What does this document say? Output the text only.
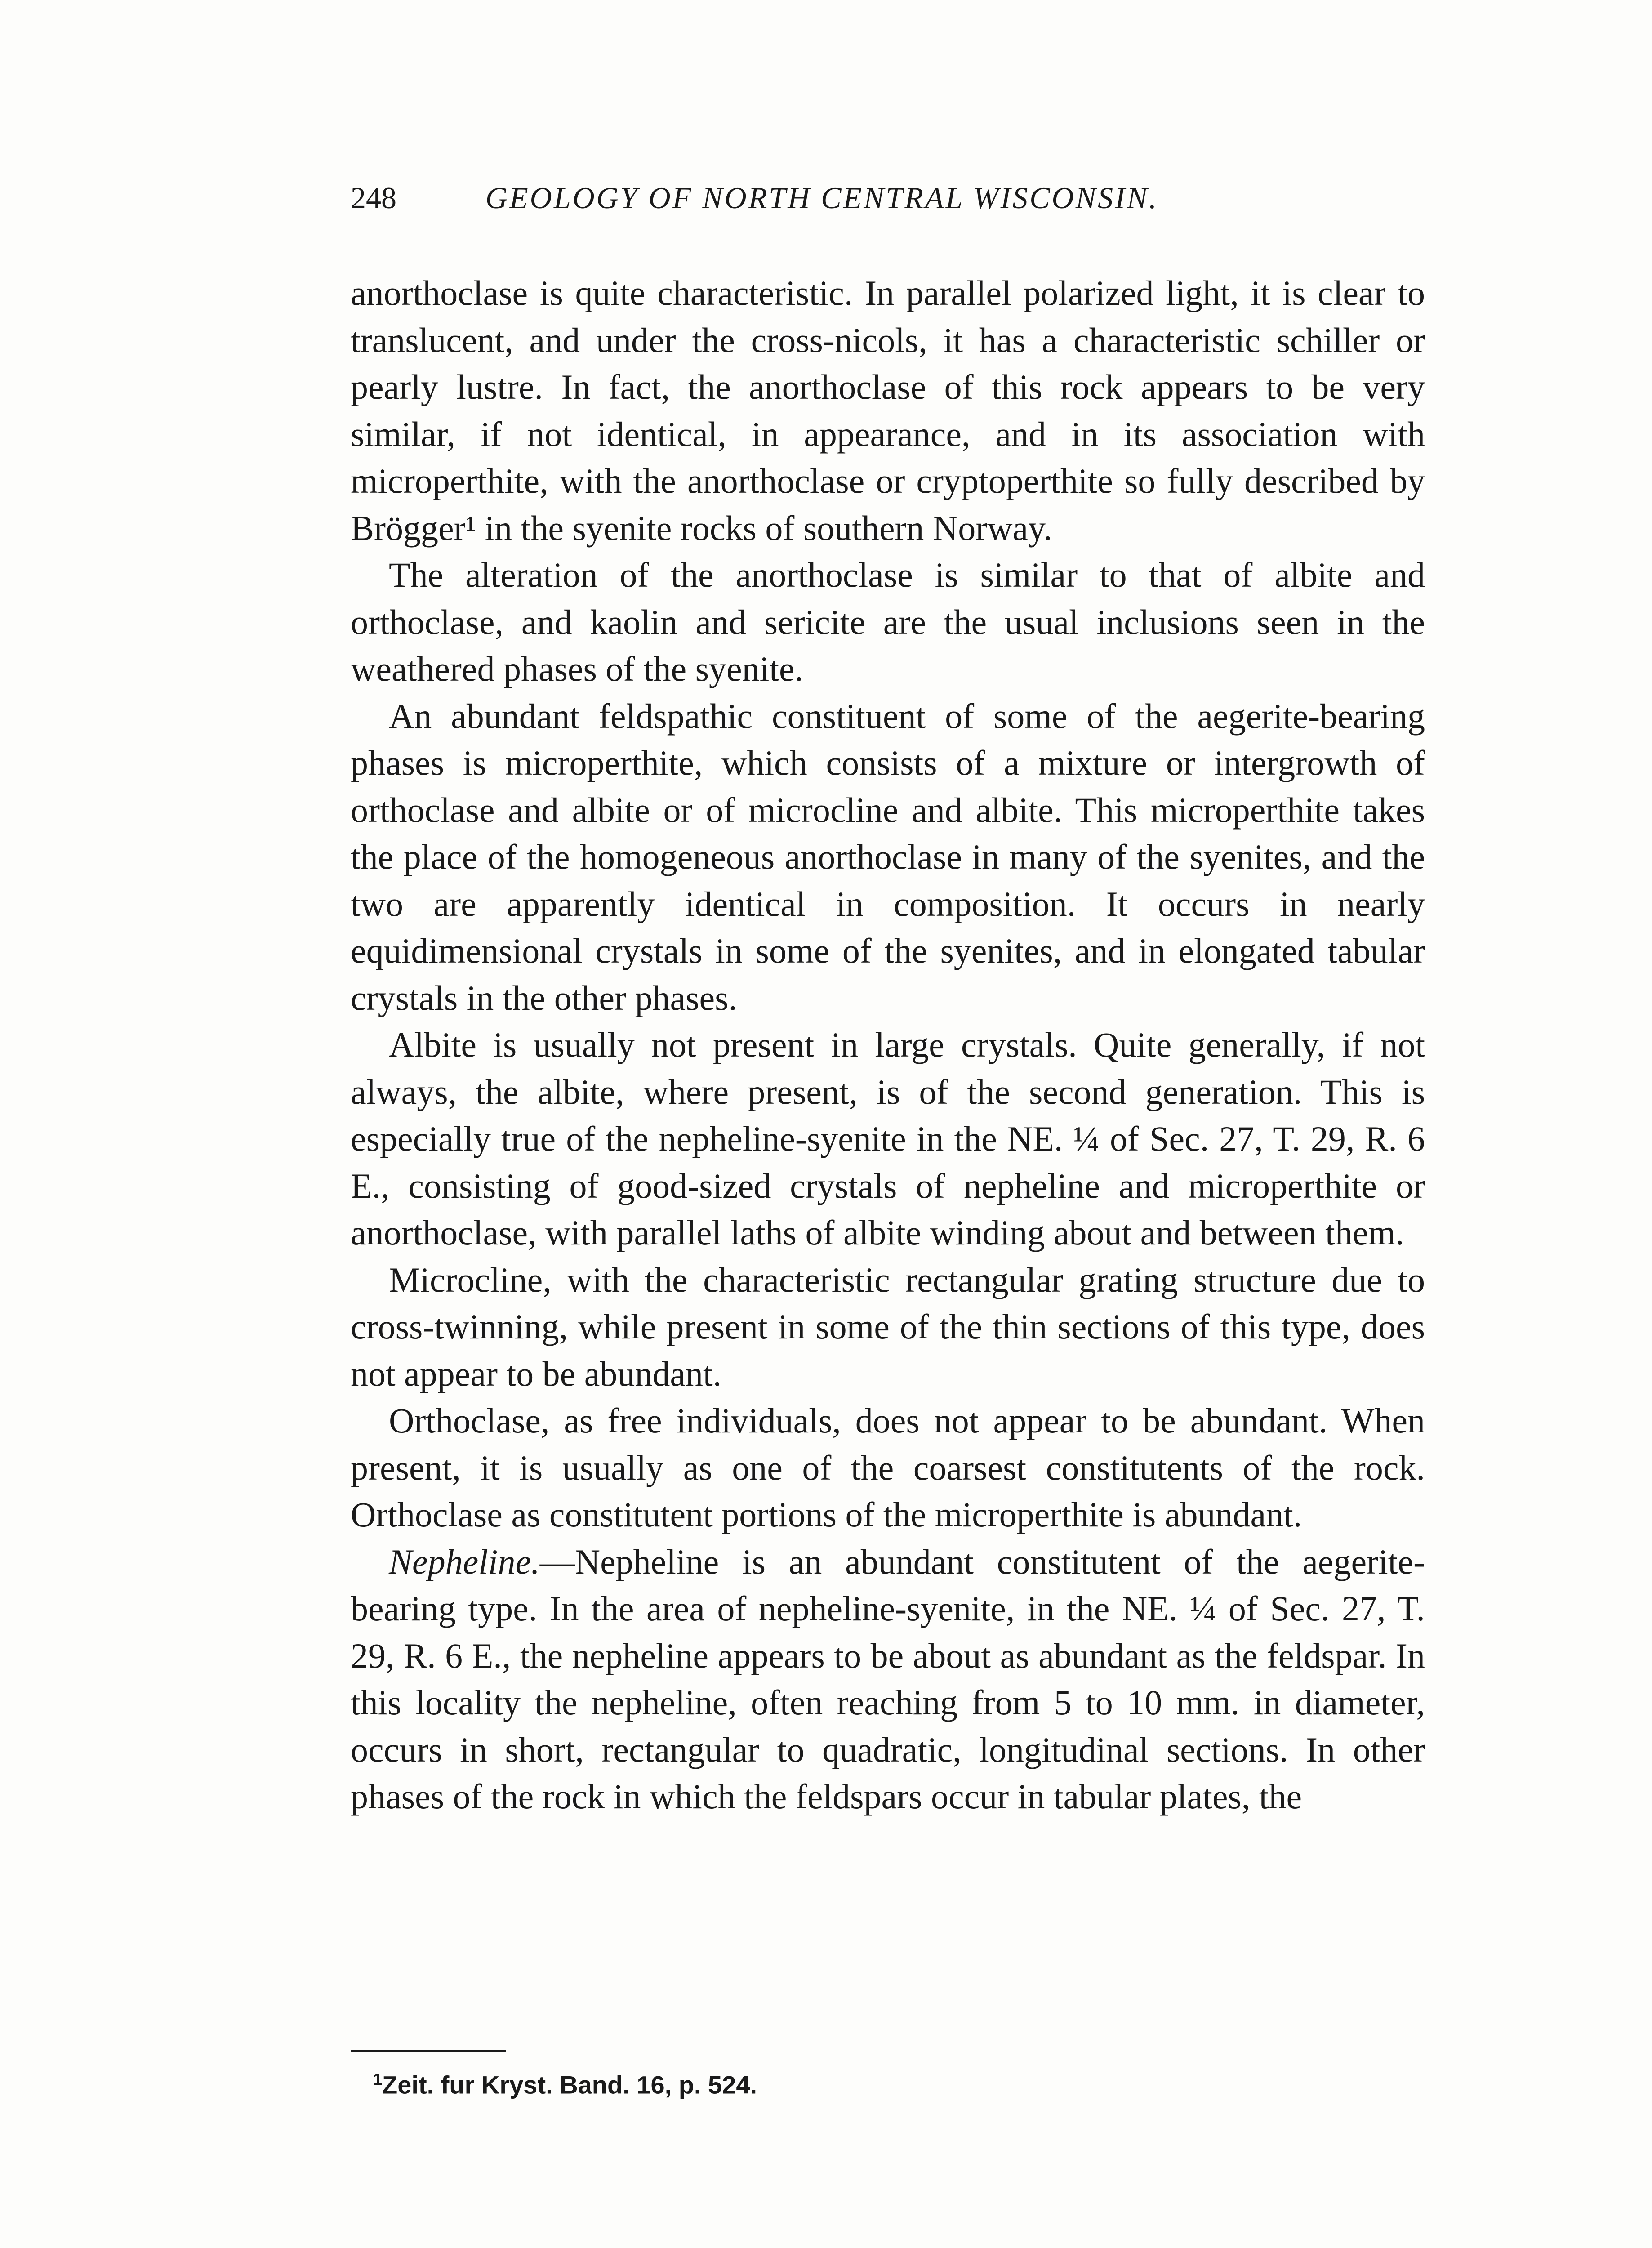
248	GEOLOGY OF NORTH CENTRAL WISCONSIN.

anorthoclase is quite characteristic. In parallel polarized light, it is clear to translucent, and under the cross-nicols, it has a characteristic schiller or pearly lustre. In fact, the anorthoclase of this rock appears to be very similar, if not identical, in appearance, and in its association with microperthite, with the anorthoclase or cryptoperthite so fully described by Brögger¹ in the syenite rocks of southern Norway.

The alteration of the anorthoclase is similar to that of albite and orthoclase, and kaolin and sericite are the usual inclusions seen in the weathered phases of the syenite.

An abundant feldspathic constituent of some of the aegerite-bearing phases is microperthite, which consists of a mixture or intergrowth of orthoclase and albite or of microcline and albite. This microperthite takes the place of the homogeneous anorthoclase in many of the syenites, and the two are apparently identical in composition. It occurs in nearly equidimensional crystals in some of the syenites, and in elongated tabular crystals in the other phases.

Albite is usually not present in large crystals. Quite generally, if not always, the albite, where present, is of the second generation. This is especially true of the nepheline-syenite in the NE. ¼ of Sec. 27, T. 29, R. 6 E., consisting of good-sized crystals of nepheline and microperthite or anorthoclase, with parallel laths of albite winding about and between them.

Microcline, with the characteristic rectangular grating structure due to cross-twinning, while present in some of the thin sections of this type, does not appear to be abundant.

Orthoclase, as free individuals, does not appear to be abundant. When present, it is usually as one of the coarsest constitutents of the rock. Orthoclase as constitutent portions of the microperthite is abundant.

Nepheline.—Nepheline is an abundant constitutent of the aegerite-bearing type. In the area of nepheline-syenite, in the NE. ¼ of Sec. 27, T. 29, R. 6 E., the nepheline appears to be about as abundant as the feldspar. In this locality the nepheline, often reaching from 5 to 10 mm. in diameter, occurs in short, rectangular to quadratic, longitudinal sections. In other phases of the rock in which the feldspars occur in tabular plates, the

$^1$Zeit. fur Kryst. Band. 16, p. 524.
